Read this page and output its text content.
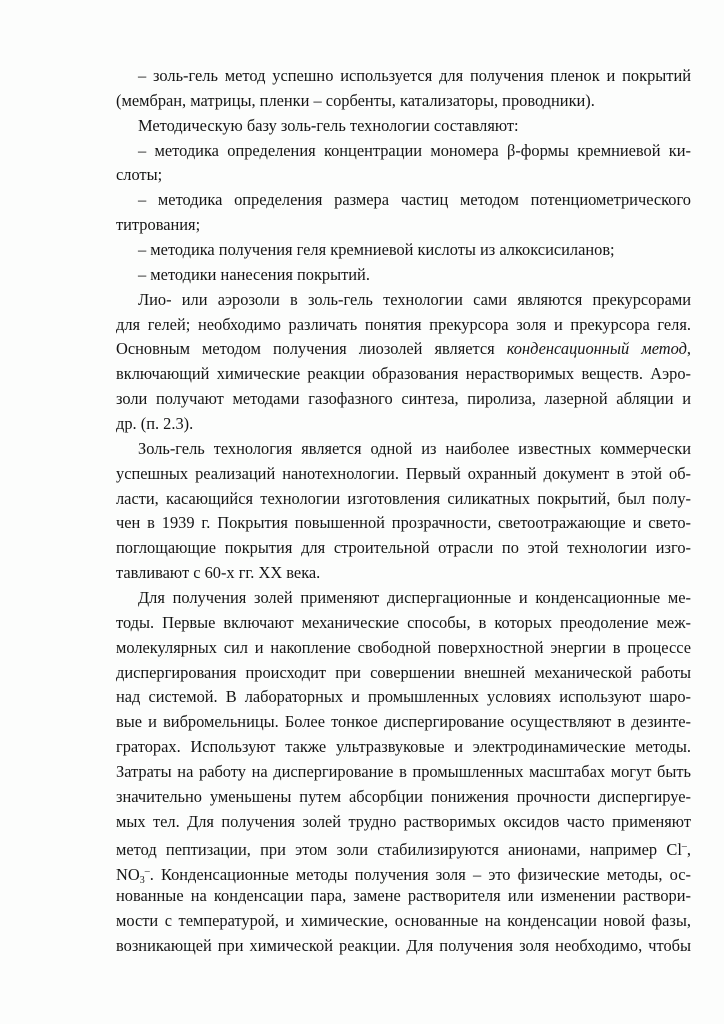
– золь-гель метод успешно используется для получения пленок и покрытий
(мембран, матрицы, пленки – сорбенты, катализаторы, проводники).
Методическую базу золь-гель технологии составляют:
– методика определения концентрации мономера β-формы кремниевой ки-
слоты;
– методика определения размера частиц методом потенциометрического
титрования;
– методика получения геля кремниевой кислоты из алкоксисиланов;
– методики нанесения покрытий.
Лио- или аэрозоли в золь-гель технологии сами являются прекурсорами
для гелей; необходимо различать понятия прекурсора золя и прекурсора геля.
Основным методом получения лиозолей является конденсационный метод,
включающий химические реакции образования нерастворимых веществ. Аэро-
золи получают методами газофазного синтеза, пиролиза, лазерной абляции и
др. (п. 2.3).
Золь-гель технология является одной из наиболее известных коммерчески
успешных реализаций нанотехнологии. Первый охранный документ в этой об-
ласти, касающийся технологии изготовления силикатных покрытий, был полу-
чен в 1939 г. Покрытия повышенной прозрачности, светоотражающие и свето-
поглощающие покрытия для строительной отрасли по этой технологии изго-
тавливают с 60-х гг. XX века.
Для получения золей применяют диспергационные и конденсационные ме-
тоды. Первые включают механические способы, в которых преодоление меж-
молекулярных сил и накопление свободной поверхностной энергии в процессе
диспергирования происходит при совершении внешней механической работы
над системой. В лабораторных и промышленных условиях используют шаро-
вые и вибромельницы. Более тонкое диспергирование осуществляют в дезинте-
граторах. Используют также ультразвуковые и электродинамические методы.
Затраты на работу на диспергирование в промышленных масштабах могут быть
значительно уменьшены путем абсорбции понижения прочности диспергируе-
мых тел. Для получения золей трудно растворимых оксидов часто применяют
метод пептизации, при этом золи стабилизируются анионами, например Cl–,
$NO_3^-$. Конденсационные методы получения золя – это физические методы, ос-
нованные на конденсации пара, замене растворителя или изменении раствори-
мости с температурой, и химические, основанные на конденсации новой фазы,
возникающей при химической реакции. Для получения золя необходимо, чтобы
